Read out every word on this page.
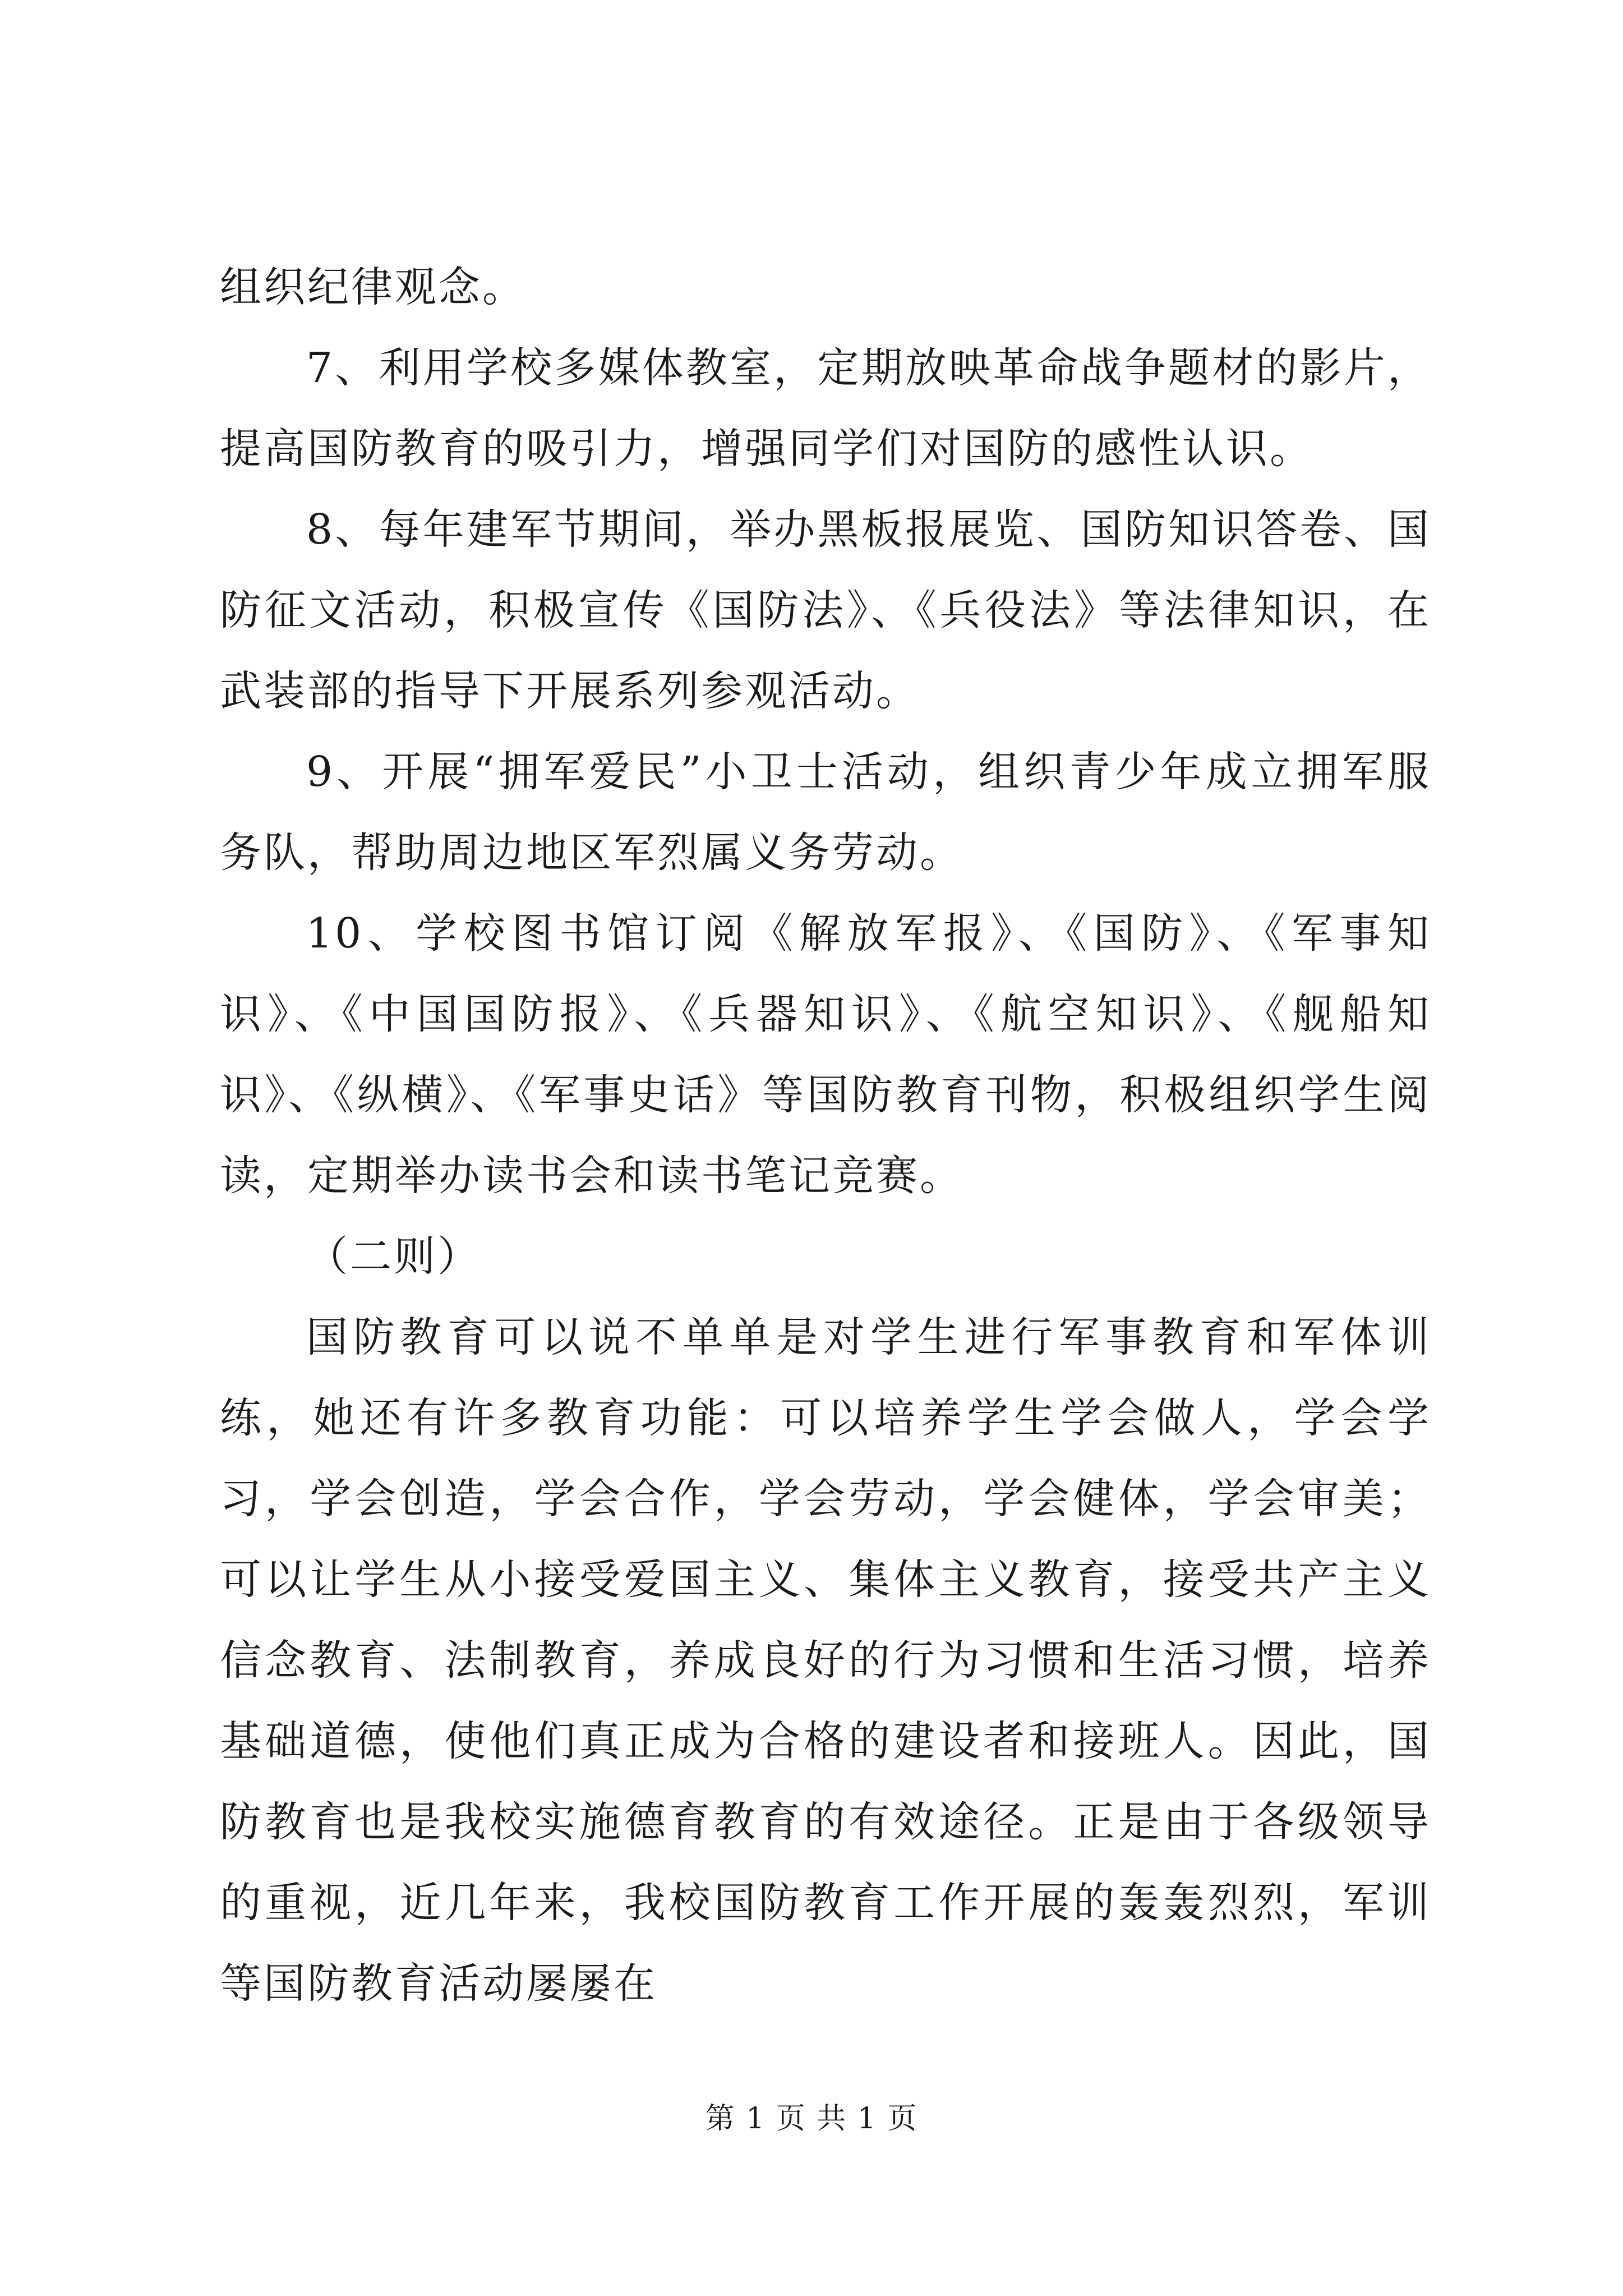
组织纪律观念。

7、利用学校多媒体教室，定期放映革命战争题材的影片，提高国防教育的吸引力，增强同学们对国防的感性认识。

8、每年建军节期间，举办黑板报展览、国防知识答卷、国防征文活动，积极宣传《国防法》、《兵役法》等法律知识，在武装部的指导下开展系列参观活动。

9、开展“拥军爱民”小卫士活动，组织青少年成立拥军服务队，帮助周边地区军烈属义务劳动。

10、学校图书馆订阅《解放军报》、《国防》、《军事知识》、《中国国防报》、《兵器知识》、《航空知识》、《舰船知识》、《纵横》、《军事史话》等国防教育刊物，积极组织学生阅读，定期举办读书会和读书笔记竞赛。

（二则）

国防教育可以说不单单是对学生进行军事教育和军体训练，她还有许多教育功能：可以培养学生学会做人，学会学习，学会创造，学会合作，学会劳动，学会健体，学会审美；可以让学生从小接受爱国主义、集体主义教育，接受共产主义信念教育、法制教育，养成良好的行为习惯和生活习惯，培养基础道德，使他们真正成为合格的建设者和接班人。因此，国防教育也是我校实施德育教育的有效途径。正是由于各级领导的重视，近几年来，我校国防教育工作开展的轰轰烈烈，军训等国防教育活动屡屡在

第 1 页 共 1 页
